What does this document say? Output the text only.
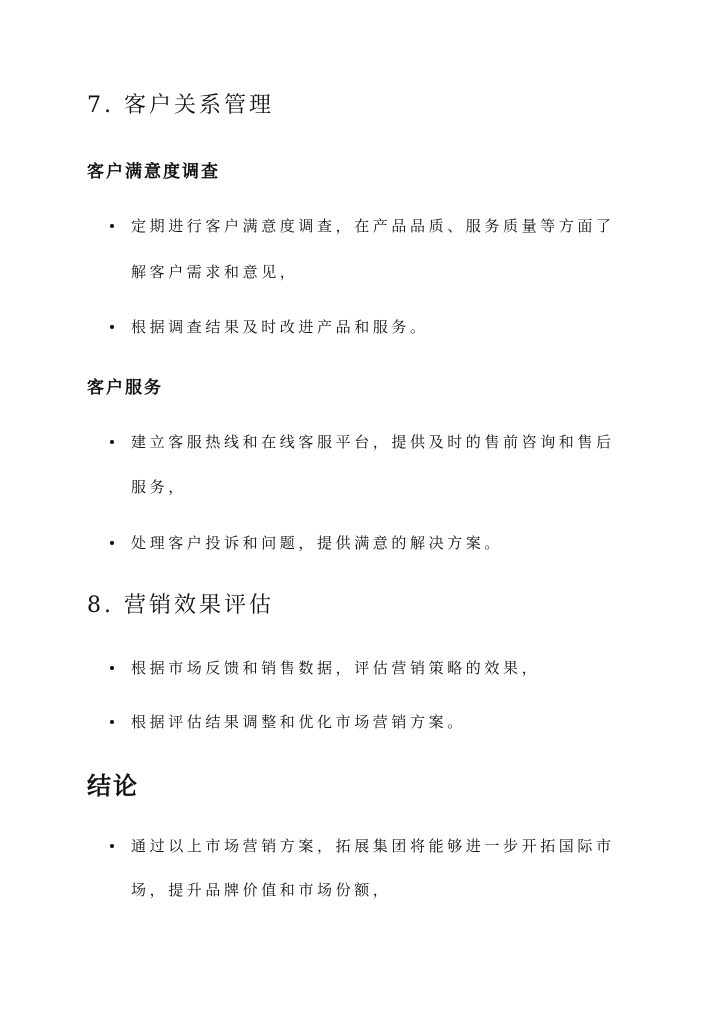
7. 客户关系管理
客户满意度调查
定期进行客户满意度调查，在产品品质、服务质量等方面了
解客户需求和意见，
根据调查结果及时改进产品和服务。
客户服务
建立客服热线和在线客服平台，提供及时的售前咨询和售后
服务，
处理客户投诉和问题，提供满意的解决方案。
8. 营销效果评估
根据市场反馈和销售数据，评估营销策略的效果，
根据评估结果调整和优化市场营销方案。
结论
通过以上市场营销方案，拓展集团将能够进一步开拓国际市
场，提升品牌价值和市场份额，
